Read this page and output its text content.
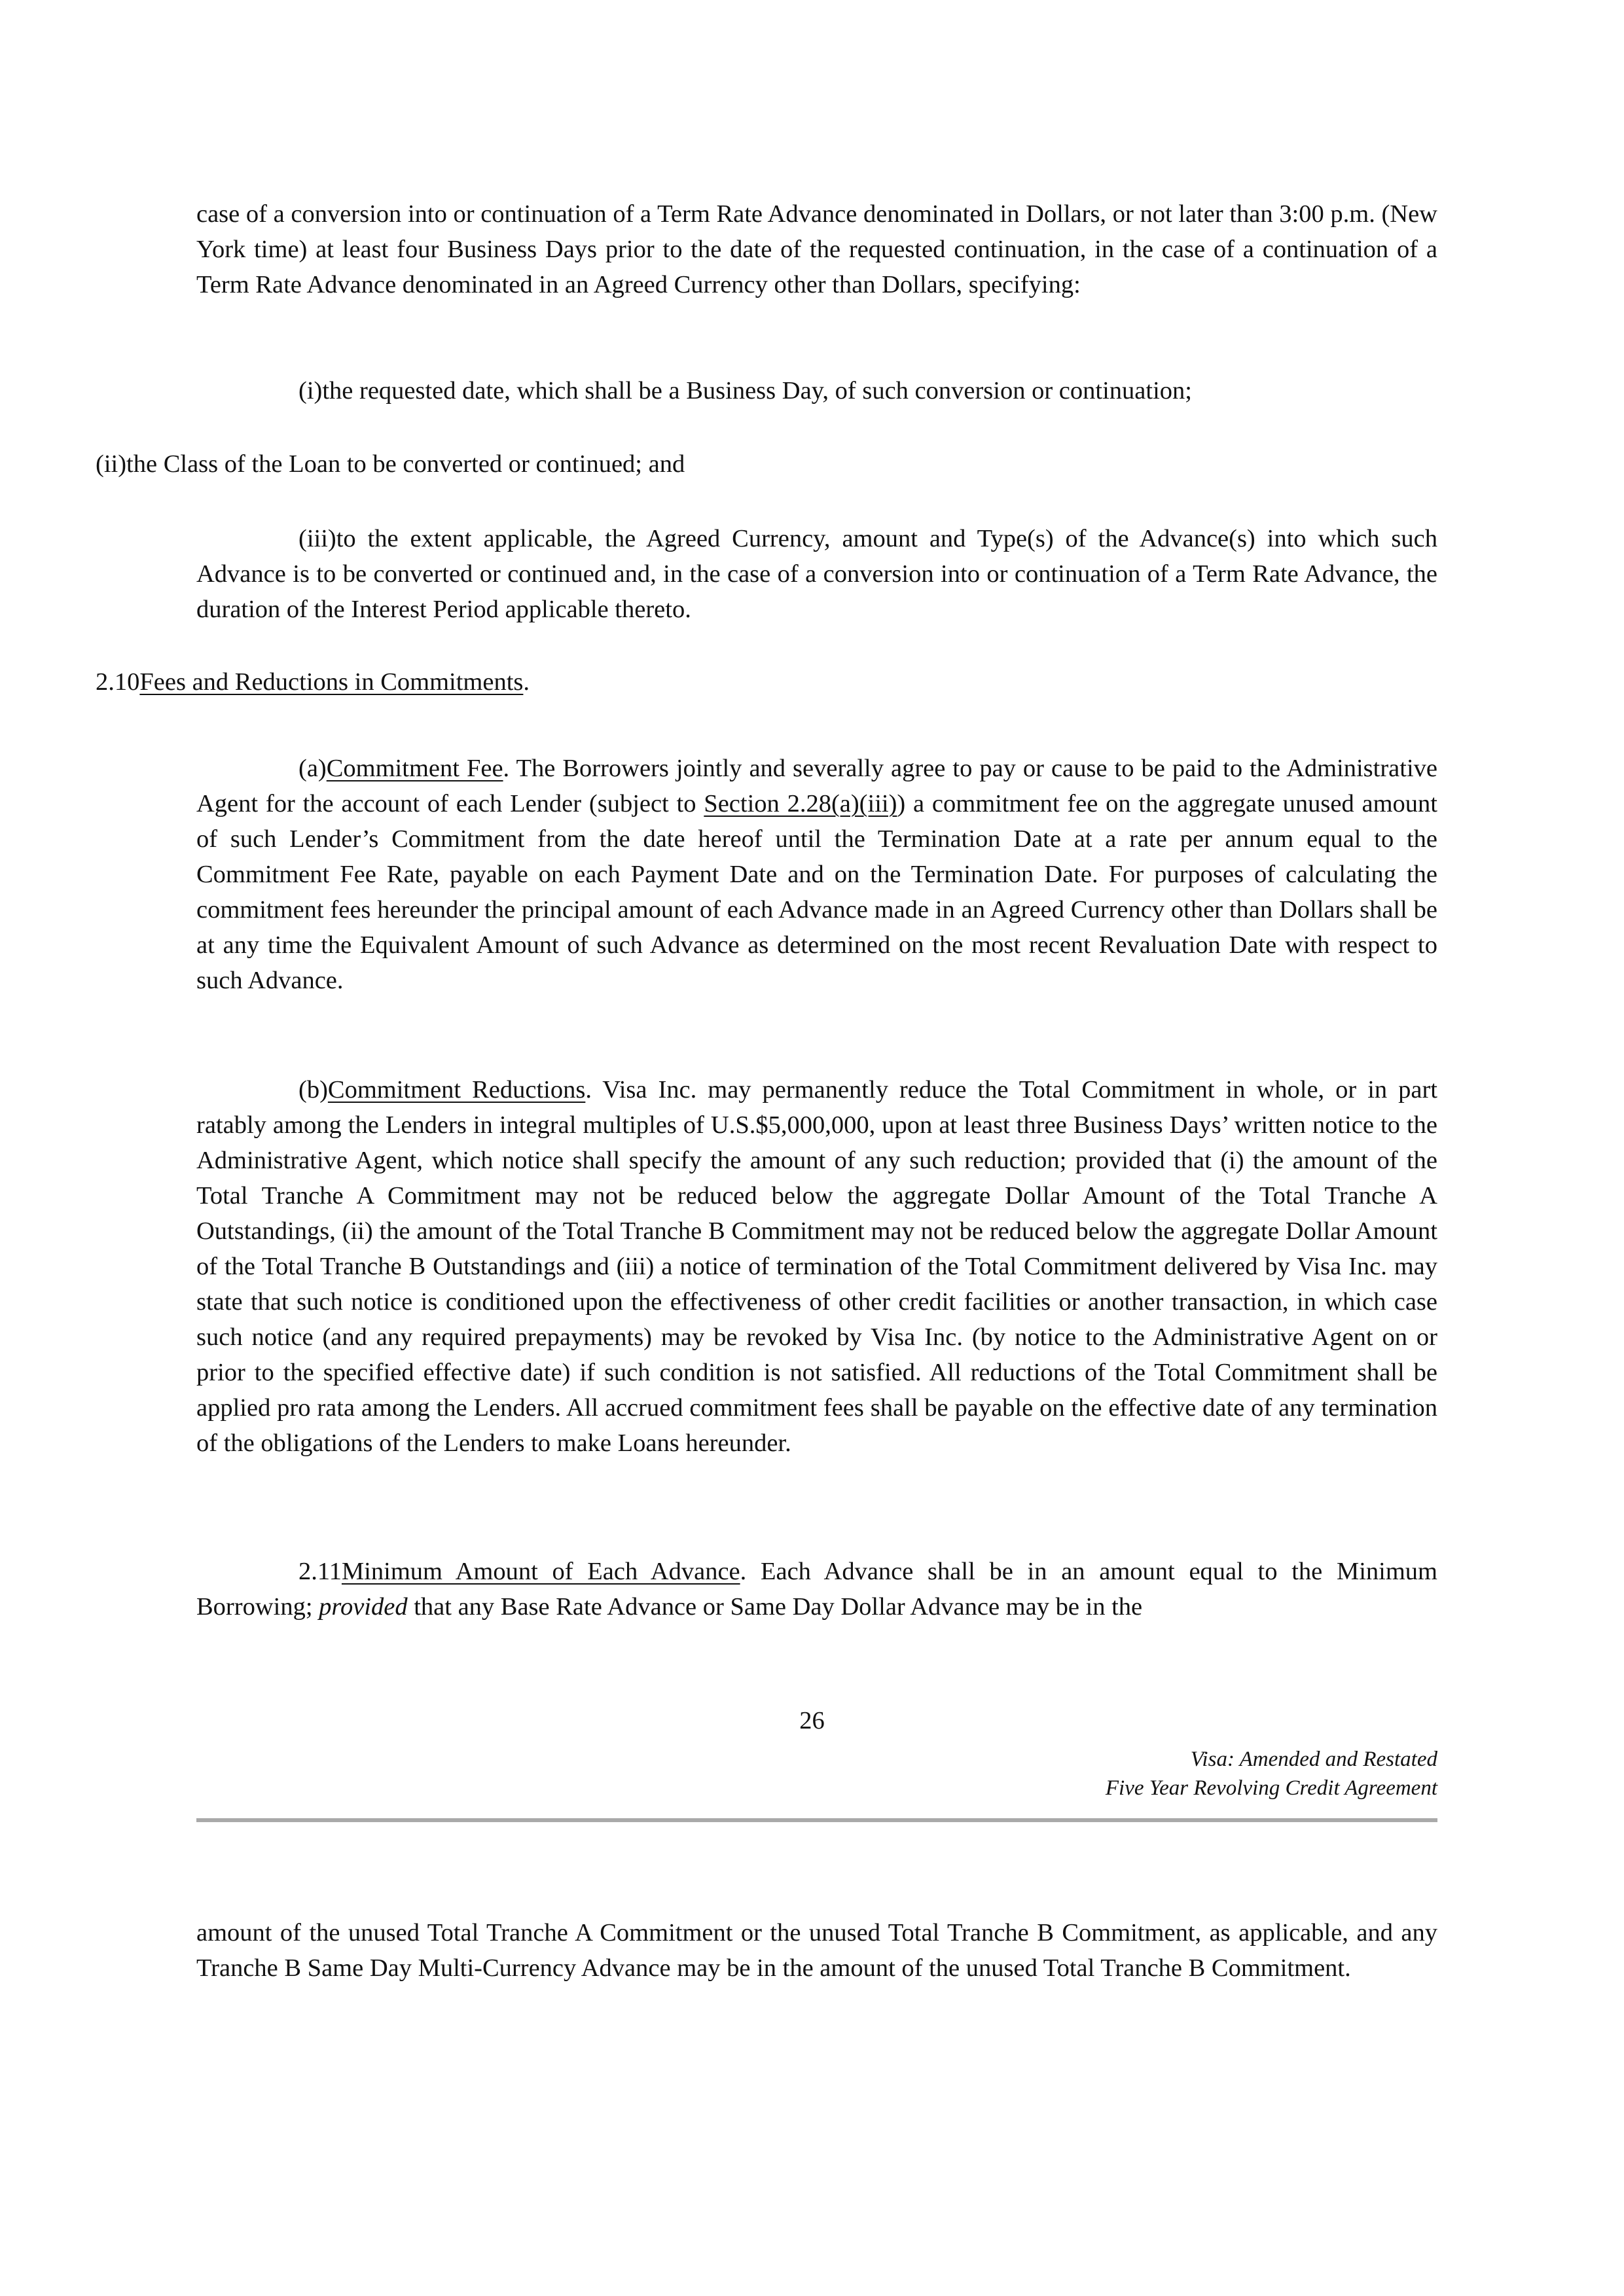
case of a conversion into or continuation of a Term Rate Advance denominated in Dollars, or not later than 3:00 p.m. (New York time) at least four Business Days prior to the date of the requested continuation, in the case of a continuation of a Term Rate Advance denominated in an Agreed Currency other than Dollars, specifying:

(i)the requested date, which shall be a Business Day, of such conversion or continuation;

(ii)the Class of the Loan to be converted or continued; and

(iii)to the extent applicable, the Agreed Currency, amount and Type(s) of the Advance(s) into which such Advance is to be converted or continued and, in the case of a conversion into or continuation of a Term Rate Advance, the duration of the Interest Period applicable thereto.

2.10Fees and Reductions in Commitments.

(a)Commitment Fee. The Borrowers jointly and severally agree to pay or cause to be paid to the Administrative Agent for the account of each Lender (subject to Section 2.28(a)(iii)) a commitment fee on the aggregate unused amount of such Lender’s Commitment from the date hereof until the Termination Date at a rate per annum equal to the Commitment Fee Rate, payable on each Payment Date and on the Termination Date. For purposes of calculating the commitment fees hereunder the principal amount of each Advance made in an Agreed Currency other than Dollars shall be at any time the Equivalent Amount of such Advance as determined on the most recent Revaluation Date with respect to such Advance.

(b)Commitment Reductions. Visa Inc. may permanently reduce the Total Commitment in whole, or in part ratably among the Lenders in integral multiples of U.S.$5,000,000, upon at least three Business Days’ written notice to the Administrative Agent, which notice shall specify the amount of any such reduction; provided that (i) the amount of the Total Tranche A Commitment may not be reduced below the aggregate Dollar Amount of the Total Tranche A Outstandings, (ii) the amount of the Total Tranche B Commitment may not be reduced below the aggregate Dollar Amount of the Total Tranche B Outstandings and (iii) a notice of termination of the Total Commitment delivered by Visa Inc. may state that such notice is conditioned upon the effectiveness of other credit facilities or another transaction, in which case such notice (and any required prepayments) may be revoked by Visa Inc. (by notice to the Administrative Agent on or prior to the specified effective date) if such condition is not satisfied. All reductions of the Total Commitment shall be applied pro rata among the Lenders. All accrued commitment fees shall be payable on the effective date of any termination of the obligations of the Lenders to make Loans hereunder.

2.11Minimum Amount of Each Advance. Each Advance shall be in an amount equal to the Minimum Borrowing; provided that any Base Rate Advance or Same Day Dollar Advance may be in the

26
Visa: Amended and Restated
Five Year Revolving Credit Agreement

amount of the unused Total Tranche A Commitment or the unused Total Tranche B Commitment, as applicable, and any Tranche B Same Day Multi-Currency Advance may be in the amount of the unused Total Tranche B Commitment.
